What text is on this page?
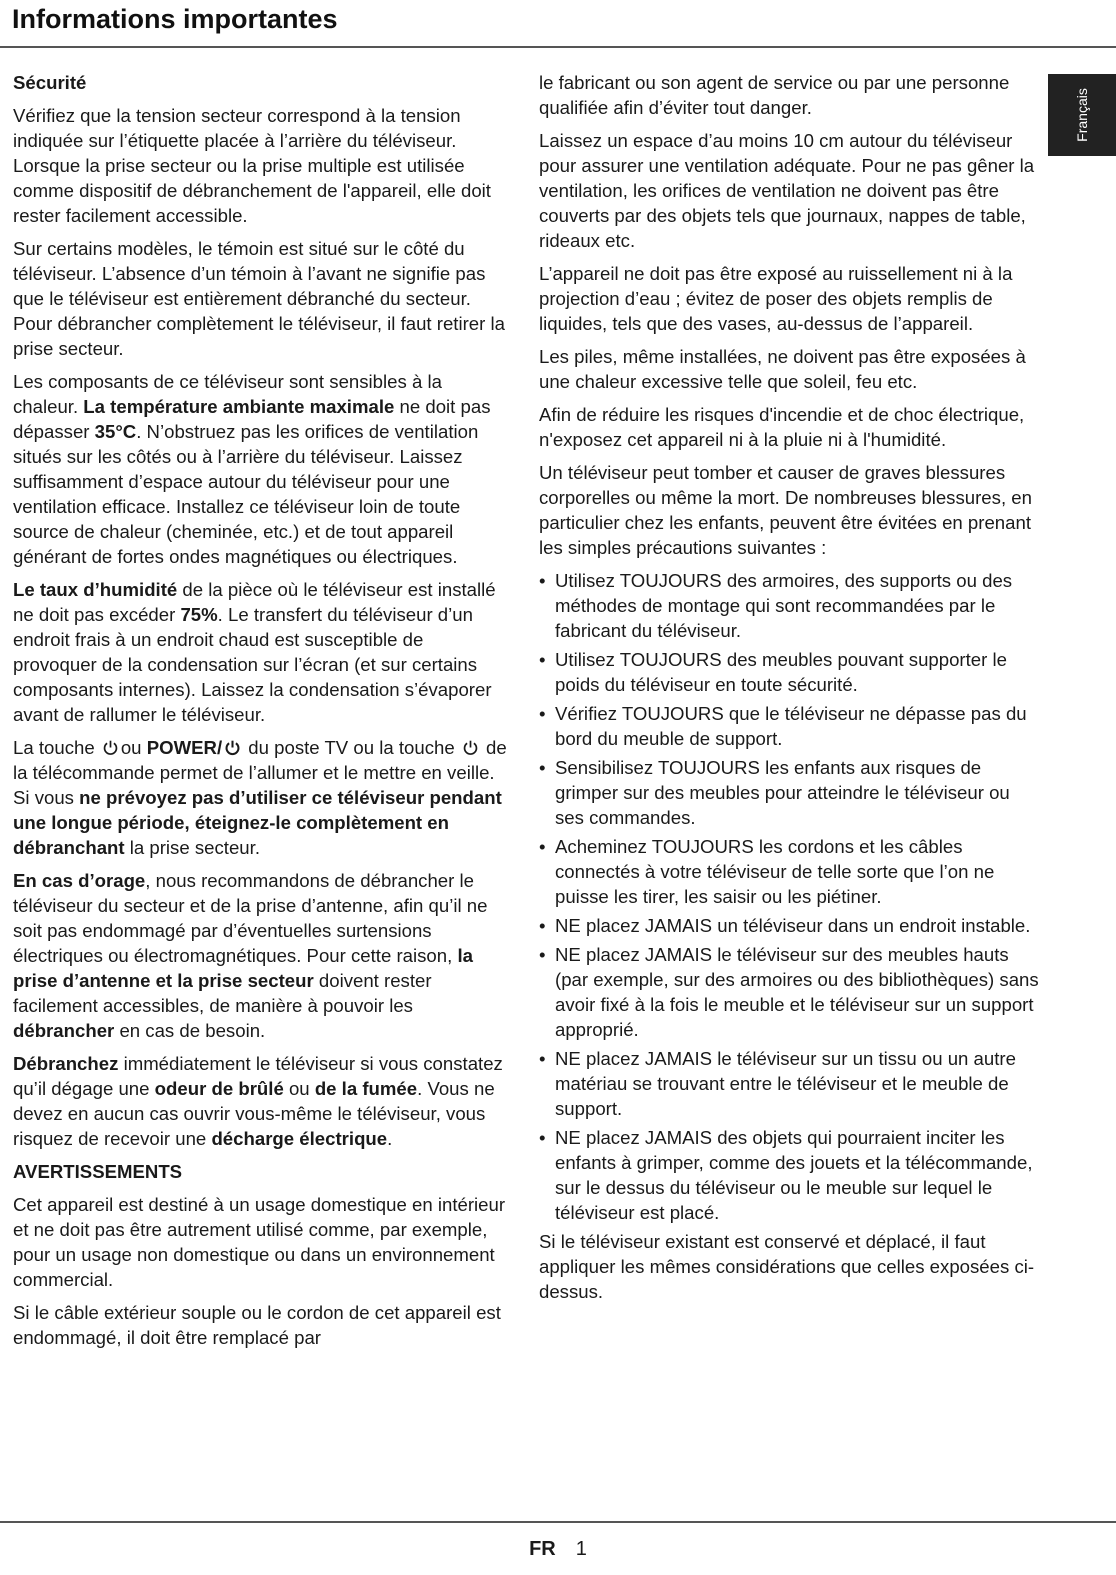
Informations importantes
Français
Sécurité

Vérifiez que la tension secteur correspond à la tension indiquée sur l’étiquette placée à l’arrière du téléviseur. Lorsque la prise secteur ou la prise multiple est utilisée comme dispositif de débranchement de l'appareil, elle doit rester facilement accessible.

Sur certains modèles, le témoin est situé sur le côté du téléviseur. L’absence d’un témoin à l’avant ne signifie pas que le téléviseur est entièrement débranché du secteur. Pour débrancher complètement le téléviseur, il faut retirer la prise secteur.

Les composants de ce téléviseur sont sensibles à la chaleur. La température ambiante maximale ne doit pas dépasser 35°C. N’obstruez pas les orifices de ventilation situés sur les côtés ou à l’arrière du téléviseur. Laissez suffisamment d’espace autour du téléviseur pour une ventilation efficace. Installez ce téléviseur loin de toute source de chaleur (cheminée, etc.) et de tout appareil générant de fortes ondes magnétiques ou électriques.

Le taux d’humidité de la pièce où le téléviseur est installé ne doit pas excéder 75%. Le transfert du téléviseur d’un endroit frais à un endroit chaud est susceptible de provoquer de la condensation sur l’écran (et sur certains composants internes). Laissez la condensation s’évaporer avant de rallumer le téléviseur.

La touche ou POWER/ du poste TV ou la touche  de la télécommande permet de l’allumer et le mettre en veille. Si vous ne prévoyez pas d’utiliser ce téléviseur pendant une longue période, éteignez-le complètement en débranchant la prise secteur.

En cas d’orage, nous recommandons de débrancher le téléviseur du secteur et de la prise d’antenne, afin qu’il ne soit pas endommagé par d’éventuelles surtensions électriques ou électromagnétiques. Pour cette raison, la prise d’antenne et la prise secteur doivent rester facilement accessibles, de manière à pouvoir les débrancher en cas de besoin.

Débranchez immédiatement le téléviseur si vous constatez qu’il dégage une odeur de brûlé ou de la fumée. Vous ne devez en aucun cas ouvrir vous-même le téléviseur, vous risquez de recevoir une décharge électrique.

AVERTISSEMENTS

Cet appareil est destiné à un usage domestique en intérieur et ne doit pas être autrement utilisé comme, par exemple, pour un usage non domestique ou dans un environnement commercial.

Si le câble extérieur souple ou le cordon de cet appareil est endommagé, il doit être remplacé par

le fabricant ou son agent de service ou par une personne qualifiée afin d’éviter tout danger.

Laissez un espace d’au moins 10 cm autour du téléviseur pour assurer une ventilation adéquate. Pour ne pas gêner la ventilation, les orifices de ventilation ne doivent pas être couverts par des objets tels que journaux, nappes de table, rideaux etc.

L’appareil ne doit pas être exposé au ruissellement ni à la projection d’eau ; évitez de poser des objets remplis de liquides, tels que des vases, au-dessus de l’appareil.

Les piles, même installées, ne doivent pas être exposées à une chaleur excessive telle que soleil, feu etc.

Afin de réduire les risques d'incendie et de choc électrique, n'exposez cet appareil ni à la pluie ni à l'humidité.

Un téléviseur peut tomber et causer de graves blessures corporelles ou même la mort. De nombreuses blessures, en particulier chez les enfants, peuvent être évitées en prenant les simples précautions suivantes :

• Utilisez TOUJOURS des armoires, des supports ou des méthodes de montage qui sont recommandées par le fabricant du téléviseur.
• Utilisez TOUJOURS des meubles pouvant supporter le poids du téléviseur en toute sécurité.
• Vérifiez TOUJOURS que le téléviseur ne dépasse pas du bord du meuble de support.
• Sensibilisez TOUJOURS les enfants aux risques de grimper sur des meubles pour atteindre le téléviseur ou ses commandes.
• Acheminez TOUJOURS les cordons et les câbles connectés à votre téléviseur de telle sorte que l’on ne puisse les tirer, les saisir ou les piétiner.
• NE placez JAMAIS un téléviseur dans un endroit instable.
• NE placez JAMAIS le téléviseur sur des meubles hauts (par exemple, sur des armoires ou des bibliothèques) sans avoir fixé à la fois le meuble et le téléviseur sur un support approprié.
• NE placez JAMAIS le téléviseur sur un tissu ou un autre matériau se trouvant entre le téléviseur et le meuble de support.
• NE placez JAMAIS des objets qui pourraient inciter les enfants à grimper, comme des jouets et la télécommande, sur le dessus du téléviseur ou le meuble sur lequel le téléviseur est placé.

Si le téléviseur existant est conservé et déplacé, il faut appliquer les mêmes considérations que celles exposées ci-dessus.

FR 1
